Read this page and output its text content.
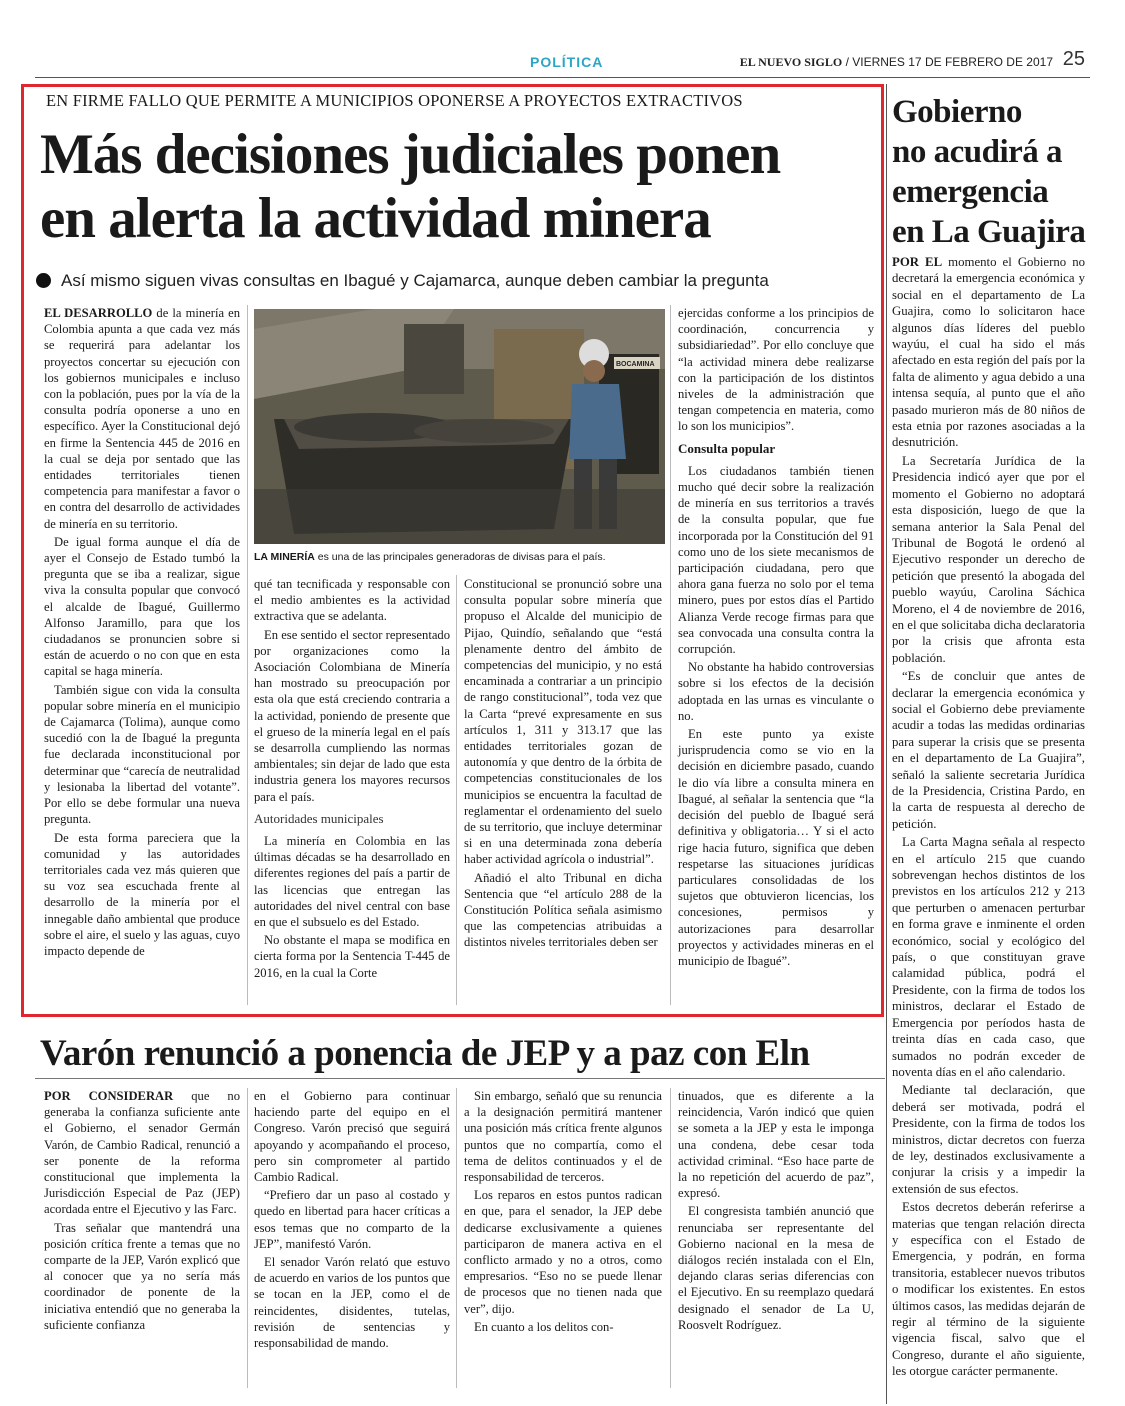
POLÍTICA	EL NUEVO SIGLO / VIERNES 17 DE FEBRERO DE 2017 25
EN FIRME FALLO QUE PERMITE A MUNICIPIOS OPONERSE A PROYECTOS EXTRACTIVOS
Más decisiones judiciales ponen
en alerta la actividad minera
Así mismo siguen vivas consultas en Ibagué y Cajamarca, aunque deben cambiar la pregunta

EL DESARROLLO de la minería en Colombia apunta a que cada vez más se requerirá para adelantar los proyectos concertar su ejecución con los gobiernos municipales e incluso con la población, pues por la vía de la consulta podría oponerse a uno en específico. Ayer la Constitucional dejó en firme la Sentencia 445 de 2016 en la cual se deja por sentado que las entidades territoriales tienen competencia para manifestar a favor o en contra del desarrollo de actividades de minería en su territorio.

De igual forma aunque el día de ayer el Consejo de Estado tumbó la pregunta que se iba a realizar, sigue viva la consulta popular que convocó el alcalde de Ibagué, Guillermo Alfonso Jaramillo, para que los ciudadanos se pronuncien sobre si están de acuerdo o no con que en esta capital se haga minería.

También sigue con vida la consulta popular sobre minería en el municipio de Cajamarca (Tolima), aunque como sucedió con la de Ibagué la pregunta fue declarada inconstitucional por determinar que “carecía de neutralidad y lesionaba la libertad del votante”. Por ello se debe formular una nueva pregunta.

De esta forma pareciera que la comunidad y las autoridades territoriales cada vez más quieren que su voz sea escuchada frente al desarrollo de la minería por el innegable daño ambiental que produce sobre el aire, el suelo y las aguas, cuyo impacto depende de

BOCAMINA
LA MINERÍA es una de las principales generadoras de divisas para el país.

qué tan tecnificada y responsable con el medio ambientes es la actividad extractiva que se adelanta.

En ese sentido el sector representado por organizaciones como la Asociación Colombiana de Minería han mostrado su preocupación por esta ola que está creciendo contraria a la actividad, poniendo de presente que el grueso de la minería legal en el país se desarrolla cumpliendo las normas ambientales; sin dejar de lado que esta industria genera los mayores recursos para el país.

Autoridades municipales

La minería en Colombia en las últimas décadas se ha desarrollado en diferentes regiones del país a partir de las licencias que entregan las autoridades del nivel central con base en que el subsuelo es del Estado.

No obstante el mapa se modifica en cierta forma por la Sentencia T-445 de 2016, en la cual la Corte

Constitucional se pronunció sobre una consulta popular sobre minería que propuso el Alcalde del municipio de Pijao, Quindío, señalando que “está plenamente dentro del ámbito de competencias del municipio, y no está encaminada a contrariar a un principio de rango constitucional”, toda vez que la Carta “prevé expresamente en sus artículos 1, 311 y 313.17 que las entidades territoriales gozan de autonomía y que dentro de la órbita de competencias constitucionales de los municipios se encuentra la facultad de reglamentar el ordenamiento del suelo de su territorio, que incluye determinar si en una determinada zona debería haber actividad agrícola o industrial”.

Añadió el alto Tribunal en dicha Sentencia que “el artículo 288 de la Constitución Política señala asimismo que las competencias atribuidas a distintos niveles territoriales deben ser

ejercidas conforme a los principios de coordinación, concurrencia y subsidiariedad”. Por ello concluye que “la actividad minera debe realizarse con la participación de los distintos niveles de la administración que tengan competencia en materia, como lo son los municipios”.

Consulta popular

Los ciudadanos también tienen mucho qué decir sobre la realización de minería en sus territorios a través de la consulta popular, que fue incorporada por la Constitución del 91 como uno de los siete mecanismos de participación ciudadana, pero que ahora gana fuerza no solo por el tema minero, pues por estos días el Partido Alianza Verde recoge firmas para que sea convocada una consulta contra la corrupción.

No obstante ha habido controversias sobre si los efectos de la decisión adoptada en las urnas es vinculante o no.

En este punto ya existe jurisprudencia como se vio en la decisión en diciembre pasado, cuando le dio vía libre a consulta minera en Ibagué, al señalar la sentencia que “la decisión del pueblo de Ibagué será definitiva y obligatoria… Y si el acto rige hacia futuro, significa que deben respetarse las situaciones jurídicas particulares consolidadas de los sujetos que obtuvieron licencias, los concesiones, permisos y autorizaciones para desarrollar proyectos y actividades mineras en el municipio de Ibagué”.

Gobierno
no acudirá a
emergencia
en La Guajira

POR EL momento el Gobierno no decretará la emergencia económica y social en el departamento de La Guajira, como lo solicitaron hace algunos días líderes del pueblo wayúu, el cual ha sido el más afectado en esta región del país por la falta de alimento y agua debido a una intensa sequía, al punto que el año pasado murieron más de 80 niños de esta etnia por razones asociadas a la desnutrición.

La Secretaría Jurídica de la Presidencia indicó ayer que por el momento el Gobierno no adoptará esta disposición, luego de que la semana anterior la Sala Penal del Tribunal de Bogotá le ordenó al Ejecutivo responder un derecho de petición que presentó la abogada del pueblo wayúu, Carolina Sáchica Moreno, el 4 de noviembre de 2016, en el que solicitaba dicha declaratoria por la crisis que afronta esta población.

“Es de concluir que antes de declarar la emergencia económica y social el Gobierno debe previamente acudir a todas las medidas ordinarias para superar la crisis que se presenta en el departamento de La Guajira”, señaló la saliente secretaria Jurídica de la Presidencia, Cristina Pardo, en la carta de respuesta al derecho de petición.

La Carta Magna señala al respecto en el artículo 215 que cuando sobrevengan hechos distintos de los previstos en los artículos 212 y 213 que perturben o amenacen perturbar en forma grave e inminente el orden económico, social y ecológico del país, o que constituyan grave calamidad pública, podrá el Presidente, con la firma de todos los ministros, declarar el Estado de Emergencia por períodos hasta de treinta días en cada caso, que sumados no podrán exceder de noventa días en el año calendario.

Mediante tal declaración, que deberá ser motivada, podrá el Presidente, con la firma de todos los ministros, dictar decretos con fuerza de ley, destinados exclusivamente a conjurar la crisis y a impedir la extensión de sus efectos.

Estos decretos deberán referirse a materias que tengan relación directa y específica con el Estado de Emergencia, y podrán, en forma transitoria, establecer nuevos tributos o modificar los existentes. En estos últimos casos, las medidas dejarán de regir al término de la siguiente vigencia fiscal, salvo que el Congreso, durante el año siguiente, les otorgue carácter permanente.

Varón renunció a ponencia de JEP y a paz con Eln

POR CONSIDERAR que no generaba la confianza suficiente ante el Gobierno, el senador Germán Varón, de Cambio Radical, renunció a ser ponente de la reforma constitucional que implementa la Jurisdicción Especial de Paz (JEP) acordada entre el Ejecutivo y las Farc.

Tras señalar que mantendrá una posición crítica frente a temas que no comparte de la JEP, Varón explicó que al conocer que ya no sería más coordinador de ponente de la iniciativa entendió que no generaba la suficiente confianza

en el Gobierno para continuar haciendo parte del equipo en el Congreso. Varón precisó que seguirá apoyando y acompañando el proceso, pero sin comprometer al partido Cambio Radical.

“Prefiero dar un paso al costado y quedo en libertad para hacer críticas a esos temas que no comparto de la JEP”, manifestó Varón.

El senador Varón relató que estuvo de acuerdo en varios de los puntos que se tocan en la JEP, como el de reincidentes, disidentes, tutelas, revisión de sentencias y responsabilidad de mando.

Sin embargo, señaló que su renuncia a la designación permitirá mantener una posición más crítica frente algunos puntos que no compartía, como el tema de delitos continuados y el de responsabilidad de terceros.

Los reparos en estos puntos radican en que, para el senador, la JEP debe dedicarse exclusivamente a quienes participaron de manera activa en el conflicto armado y no a otros, como empresarios. “Eso no se puede llenar de procesos que no tienen nada que ver”, dijo.

En cuanto a los delitos con-

tinuados, que es diferente a la reincidencia, Varón indicó que quien se someta a la JEP y esta le imponga una condena, debe cesar toda actividad criminal. “Eso hace parte de la no repetición del acuerdo de paz”, expresó.

El congresista también anunció que renunciaba ser representante del Gobierno nacional en la mesa de diálogos recién instalada con el Eln, dejando claras serias diferencias con el Ejecutivo. En su reemplazo quedará designado el senador de La U, Roosvelt Rodríguez.
